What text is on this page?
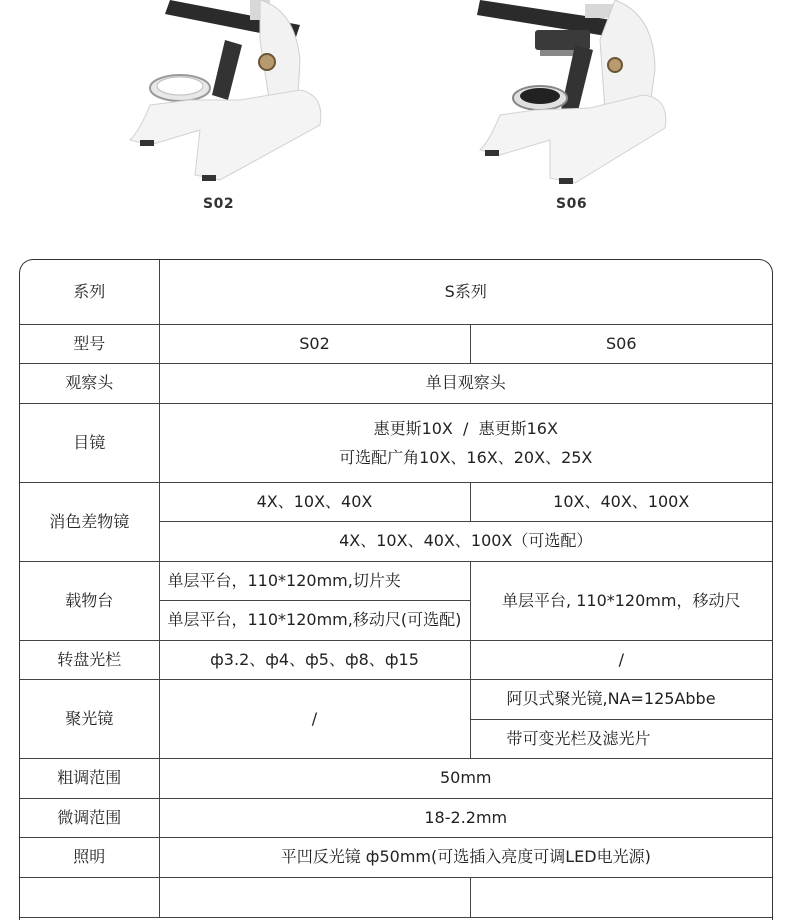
S02	S06
系列	S系列	
型号	S02	S06
观察头	单目观察头	
目镜	惠更斯10X  /  惠更斯16X
可选配广角10X、16X、20X、25X	

消色差物镜	4X、10X、40X	10X、40X、100X
	4X、10X、40X、100X（可选配）	
载物台	单层平台，110*120mm,切片夹	单层平台, 110*120mm，移动尺
	单层平台，110*120mm,移动尺(可选配)	
转盘光栏	ф3.2、ф4、ф5、ф8、ф15	/
聚光镜	/	阿贝式聚光镜,NA=125Abbe
		带可变光栏及滤光片
粗调范围	50mm	
微调范围	18-2.2mm	
照明	平凹反光镜 ф50mm(可选插入亮度可调LED电光源)	
